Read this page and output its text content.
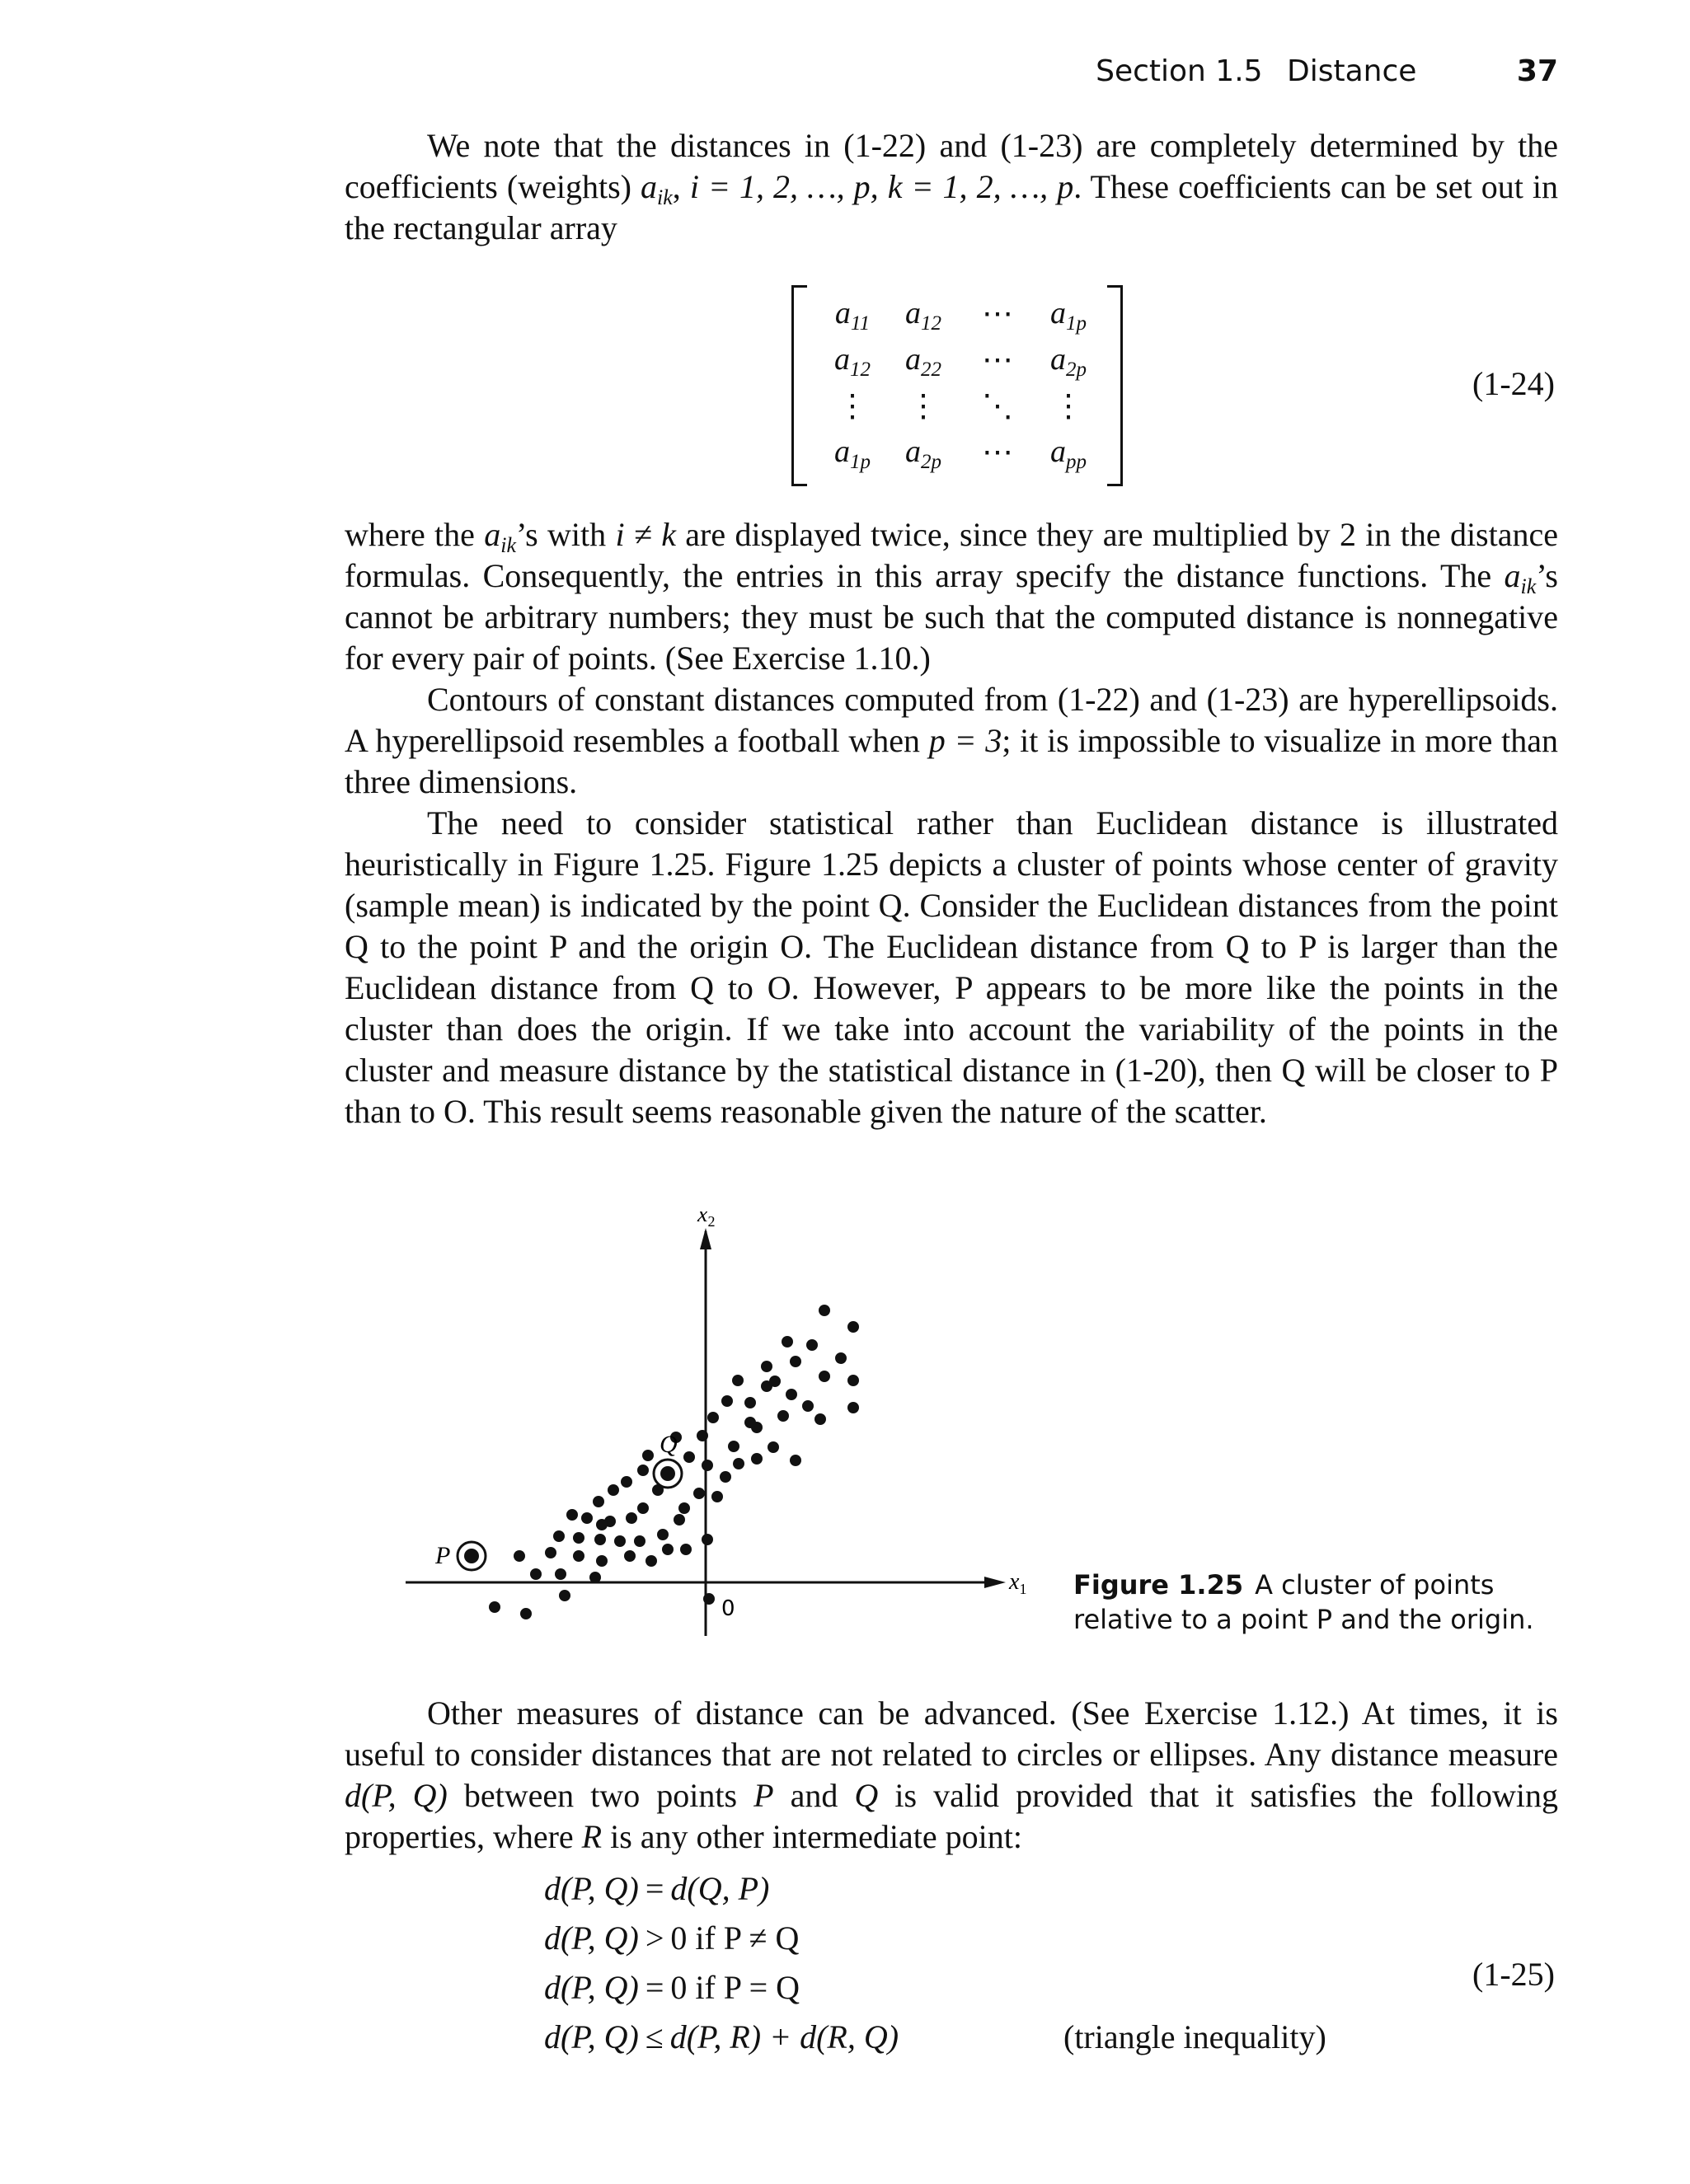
Section 1.5 Distance	37

We note that the distances in (1-22) and (1-23) are completely determined by the coefficients (weights) $a_{ik}$, i = 1, 2, …, p, k = 1, 2, …, p. These coefficients can be set out in the rectangular array

$a_{11}$	$a_{12}$	⋯	$a_{1p}$
$a_{12}$	$a_{22}$	⋯	$a_{2p}$
⋮	⋮	⋱	⋮
$a_{1p}$	$a_{2p}$	⋯	$a_{pp}$
(1-24)

where the $a_{ik}’s$ with i ≠ k are displayed twice, since they are multiplied by 2 in the distance formulas. Consequently, the entries in this array specify the distance functions. The $a_{ik}’s$ cannot be arbitrary numbers; they must be such that the computed distance is nonnegative for every pair of points. (See Exercise 1.10.)

Contours of constant distances computed from (1-22) and (1-23) are hyperellipsoids. A hyperellipsoid resembles a football when p = 3; it is impossible to visualize in more than three dimensions.

The need to consider statistical rather than Euclidean distance is illustrated heuristically in Figure 1.25. Figure 1.25 depicts a cluster of points whose center of gravity (sample mean) is indicated by the point Q. Consider the Euclidean distances from the point Q to the point P and the origin O. The Euclidean distance from Q to P is larger than the Euclidean distance from Q to O. However, P appears to be more like the points in the cluster than does the origin. If we take into account the variability of the points in the cluster and measure distance by the statistical distance in (1-20), then Q will be closer to P than to O. This result seems reasonable given the nature of the scatter.

$x_1$
$x_2$
0
P
Q
Figure 1.25 A cluster of points relative to a point P and the origin.

Other measures of distance can be advanced. (See Exercise 1.12.) At times, it is useful to consider distances that are not related to circles or ellipses. Any distance measure d(P, Q) between two points P and Q is valid provided that it satisfies the following properties, where R is any other intermediate point:

d(P, Q) = d(Q, P)
d(P, Q) > 0 if P ≠ Q
d(P, Q) = 0 if P = Q
d(P, Q) ≤ d(P, R) + d(R, Q)	(triangle inequality)
(1-25)
